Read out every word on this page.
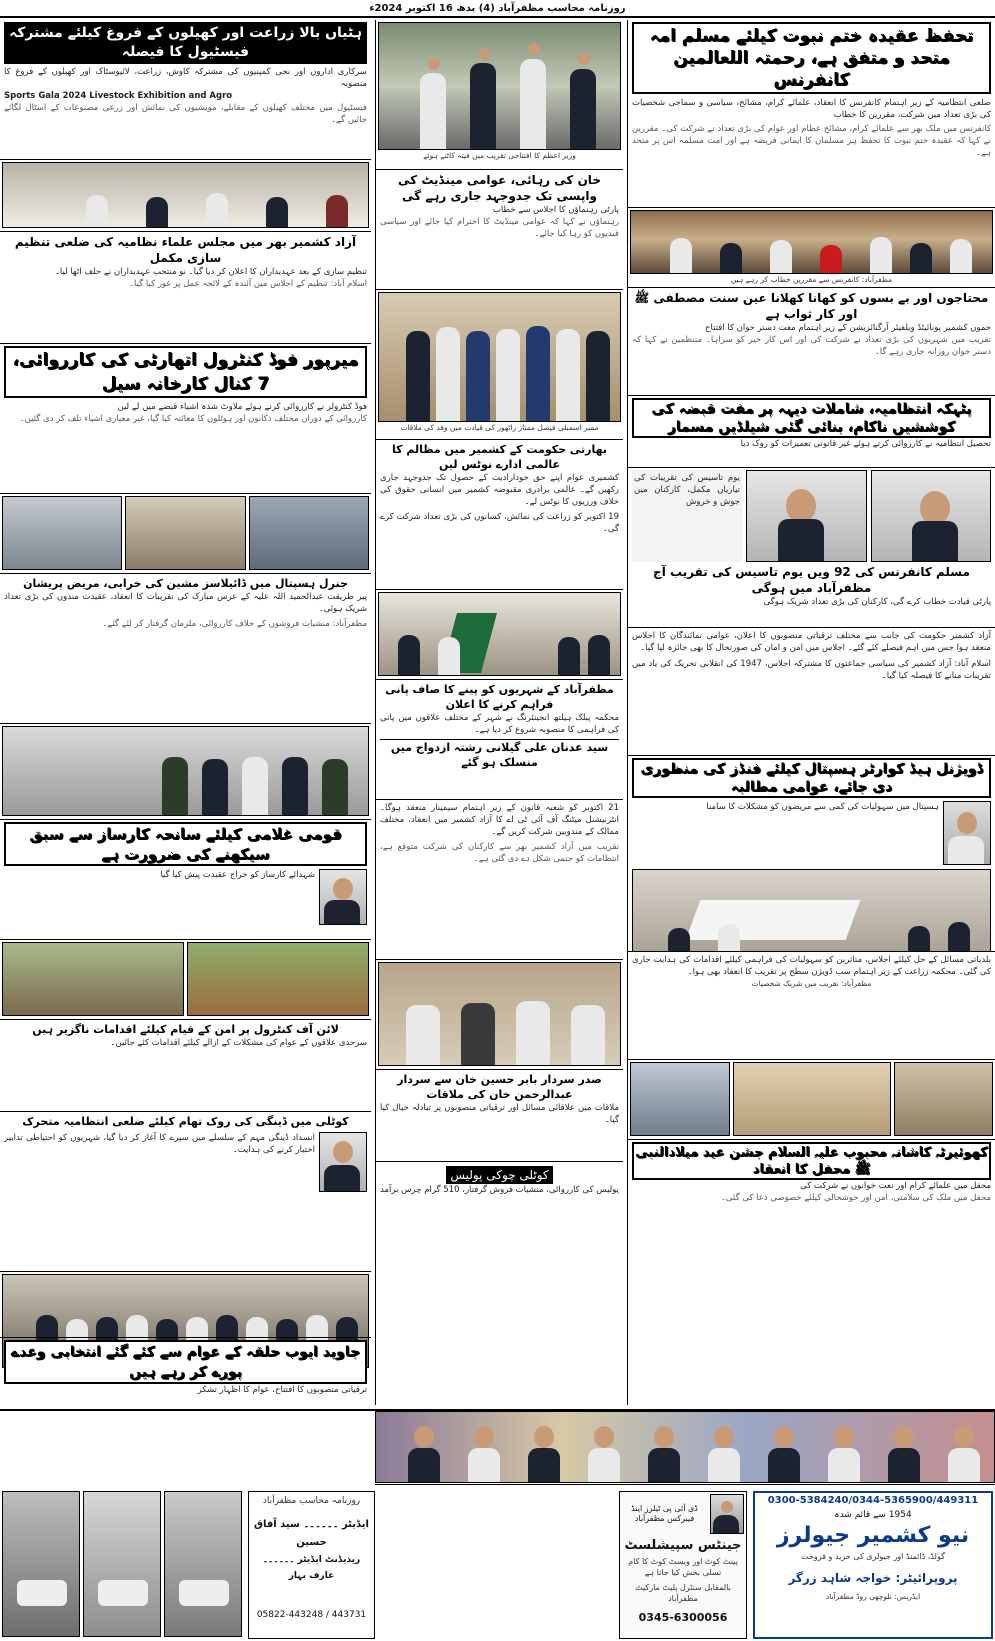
روزنامہ محاسب مظفرآباد (4) بدھ 16 اکتوبر 2024ء
تحفظ عقیدہ ختم نبوت کیلئے مسلم امہ متحد و متفق ہے، رحمتہ اللعالمین کانفرنس
ضلعی انتظامیہ کے زیر اہتمام کانفرنس کا انعقاد، علمائے کرام، مشائخ، سیاسی و سماجی شخصیات کی بڑی تعداد میں شرکت، مقررین کا خطاب
کانفرنس میں ملک بھر سے علمائے کرام، مشائخ عظام اور عوام کی بڑی تعداد نے شرکت کی۔ مقررین نے کہا کہ عقیدہ ختم نبوت کا تحفظ ہر مسلمان کا ایمانی فریضہ ہے اور امت مسلمہ اس پر متحد ہے۔
مظفرآباد: کانفرنس سے مقررین خطاب کر رہے ہیں
محتاجوں اور بے بسوں کو کھانا کھلانا عین سنت مصطفی ﷺ اور کار ثواب ہے
جموں کشمیر یونائیٹڈ ویلفیئر آرگنائزیشن کے زیر اہتمام مفت دستر خوان کا افتتاح
تقریب میں شہریوں کی بڑی تعداد نے شرکت کی اور اس کار خیر کو سراہا۔ منتظمین نے کہا کہ دستر خوان روزانہ جاری رہے گا۔
پٹہکہ انتظامیہ، شاملات دیہہ پر مفت قبضہ کی کوششیں ناکام، بنائی گئی شیلڈیں مسمار
تحصیل انتظامیہ نے کارروائی کرتے ہوئے غیر قانونی تعمیرات کو روک دیا
یوم تاسیس کی تقریبات کی تیاریاں مکمل، کارکنان میں جوش و خروش
مسلم کانفرنس کی 92 ویں یوم تاسیس کی تقریب آج مظفرآباد میں ہوگی
پارٹی قیادت خطاب کرے گی، کارکنان کی بڑی تعداد شریک ہوگی
آزاد کشمیر حکومت کی جانب سے مختلف ترقیاتی منصوبوں کا اعلان، عوامی نمائندگان کا اجلاس منعقد ہوا جس میں اہم فیصلے کئے گئے۔ اجلاس میں امن و امان کی صورتحال کا بھی جائزہ لیا گیا۔
اسلام آباد: آزاد کشمیر کی سیاسی جماعتوں کا مشترکہ اجلاس، 1947 کی انقلابی تحریک کی یاد میں تقریبات منانے کا فیصلہ کیا گیا۔
ڈویژنل ہیڈ کوارٹر ہسپتال کیلئے فنڈز کی منظوری دی جائے، عوامی مطالبہ
ہسپتال میں سہولیات کی کمی سے مریضوں کو مشکلات کا سامنا
بلدیاتی مسائل کے حل کیلئے اجلاس، متاثرین کو سہولیات کی فراہمی کیلئے اقدامات کی ہدایت جاری کی گئی۔ محکمہ زراعت کے زیر اہتمام سب ڈویژن سطح پر تقریب کا انعقاد بھی ہوا۔
مظفرآباد: تقریب میں شریک شخصیات
کھوئیرٹہ کاشانہ محبوب علیہ السلام جشن عید میلادالنبی ﷺ محفل کا انعقاد
محفل میں علمائے کرام اور نعت خوانوں نے شرکت کی
محفل میں ملک کی سلامتی، امن اور خوشحالی کیلئے خصوصی دعا کی گئی۔
وزیر اعظم کا افتتاحی تقریب میں فیتہ کاٹتے ہوئے
خان کی رہائی، عوامی مینڈیٹ کی واپسی تک جدوجہد جاری رہے گی
پارٹی رہنماؤں کا اجلاس سے خطاب
رہنماؤں نے کہا کہ عوامی مینڈیٹ کا احترام کیا جائے اور سیاسی قیدیوں کو رہا کیا جائے۔
ممبر اسمبلی فیصل ممتاز راٹھور کی قیادت میں وفد کی ملاقات
بھارتی حکومت کے کشمیر میں مظالم کا عالمی ادارے نوٹس لیں
کشمیری عوام اپنے حق خودارادیت کے حصول تک جدوجہد جاری رکھیں گے۔ عالمی برادری مقبوضہ کشمیر میں انسانی حقوق کی خلاف ورزیوں کا نوٹس لے۔
19 اکتوبر کو زراعت کی نمائش، کسانوں کی بڑی تعداد شرکت کرے گی۔
مظفرآباد کے شہریوں کو پینے کا صاف پانی فراہم کرنے کا اعلان
محکمہ پبلک ہیلتھ انجینئرنگ نے شہر کے مختلف علاقوں میں پانی کی فراہمی کا منصوبہ شروع کر دیا ہے۔
سید عدنان علی گیلانی رشتہ ازدواج میں منسلک ہو گئے
21 اکتوبر کو شعبہ قانون کے زیر اہتمام سیمینار منعقد ہوگا۔ انٹرنیشنل میٹنگ آف آئی ٹی اے کا آزاد کشمیر میں انعقاد، مختلف ممالک کے مندوبین شرکت کریں گے۔
تقریب میں آزاد کشمیر بھر سے کارکنان کی شرکت متوقع ہے، انتظامات کو حتمی شکل دے دی گئی ہے۔
صدر سردار بابر حسین خان سے سردار عبدالرحمن خان کی ملاقات
ملاقات میں علاقائی مسائل اور ترقیاتی منصوبوں پر تبادلہ خیال کیا گیا۔
کوٹلی چوکی پولیس
پولیس کی کارروائی، منشیات فروش گرفتار، 510 گرام چرس برآمد
ہٹیاں بالا زراعت اور کھیلوں کے فروغ کیلئے مشترکہ فیسٹیول کا فیصلہ
سرکاری اداروں اور نجی کمپنیوں کی مشترکہ کاوش، زراعت، لائیوسٹاک اور کھیلوں کے فروغ کا منصوبہ
Sports Gala 2024 Livestock Exhibition and Agro
فیسٹیول میں مختلف کھیلوں کے مقابلے، مویشیوں کی نمائش اور زرعی مصنوعات کے اسٹال لگائے جائیں گے۔
آزاد کشمیر بھر میں مجلس علماء نظامیہ کی ضلعی تنظیم سازی مکمل
تنظیم سازی کے بعد عہدیداران کا اعلان کر دیا گیا۔ نو منتخب عہدیداران نے حلف اٹھا لیا۔
اسلام آباد: تنظیم کے اجلاس میں آئندہ کے لائحہ عمل پر غور کیا گیا۔
میرپور فوڈ کنٹرول اتھارٹی کی کارروائی، 7 کنال کارخانہ سیل
فوڈ کنٹرولر نے کارروائی کرتے ہوئے ملاوٹ شدہ اشیاء قبضے میں لے لیں
کارروائی کے دوران مختلف دکانوں اور ہوٹلوں کا معائنہ کیا گیا، غیر معیاری اشیاء تلف کر دی گئیں۔
جنرل ہسپتال میں ڈائیلاسز مشین کی خرابی، مریض پریشان
پیر طریقت عبدالحمید اللہ علیہ کے عرس مبارک کی تقریبات کا انعقاد، عقیدت مندوں کی بڑی تعداد شریک ہوئی۔
مظفرآباد: منشیات فروشوں کے خلاف کارروائی، ملزمان گرفتار کر لئے گئے۔
قومی غلامی کیلئے سانحہ کارساز سے سبق سیکھنے کی ضرورت ہے
شہدائے کارساز کو خراج عقیدت پیش کیا گیا
لائن آف کنٹرول پر امن کے قیام کیلئے اقدامات ناگزیر ہیں
سرحدی علاقوں کے عوام کی مشکلات کے ازالے کیلئے اقدامات کئے جائیں۔
کوٹلی میں ڈینگی کی روک تھام کیلئے ضلعی انتظامیہ متحرک
انسداد ڈینگی مہم کے سلسلے میں سپرے کا آغاز کر دیا گیا، شہریوں کو احتیاطی تدابیر اختیار کرنے کی ہدایت۔
0300-5384240/0344-5365900/449311
1954 سے قائم شدہ
نیو کشمیر جیولرز
گولڈ، ڈائمنڈ اور جیولری کی خرید و فروخت
پروپرائیٹر: خواجہ شاہد زرگر
ایڈریس: نلوچھی روڈ مظفرآباد
ڈی آئی پی ٹیلرز اینڈ فیبرکس مظفرآباد
جینٹس سپیشلسٹ
پینٹ کوٹ اور ویسٹ کوٹ کا کام تسلی بخش کیا جاتا ہے
بالمقابل سنٹرل پلیٹ مارکیٹ مظفرآباد
0345-6300056
روزنامہ محاسب مظفرآباد
ایڈیٹر ۔۔۔۔۔۔ سید آفاق حسین
ریذیڈنٹ ایڈیٹر ۔۔۔۔۔۔ عارف بہار
05822-443248 / 443731
جاوید ایوب حلقہ کے عوام سے کئے گئے انتخابی وعدے پورے کر رہے ہیں
ترقیاتی منصوبوں کا افتتاح، عوام کا اظہار تشکر
